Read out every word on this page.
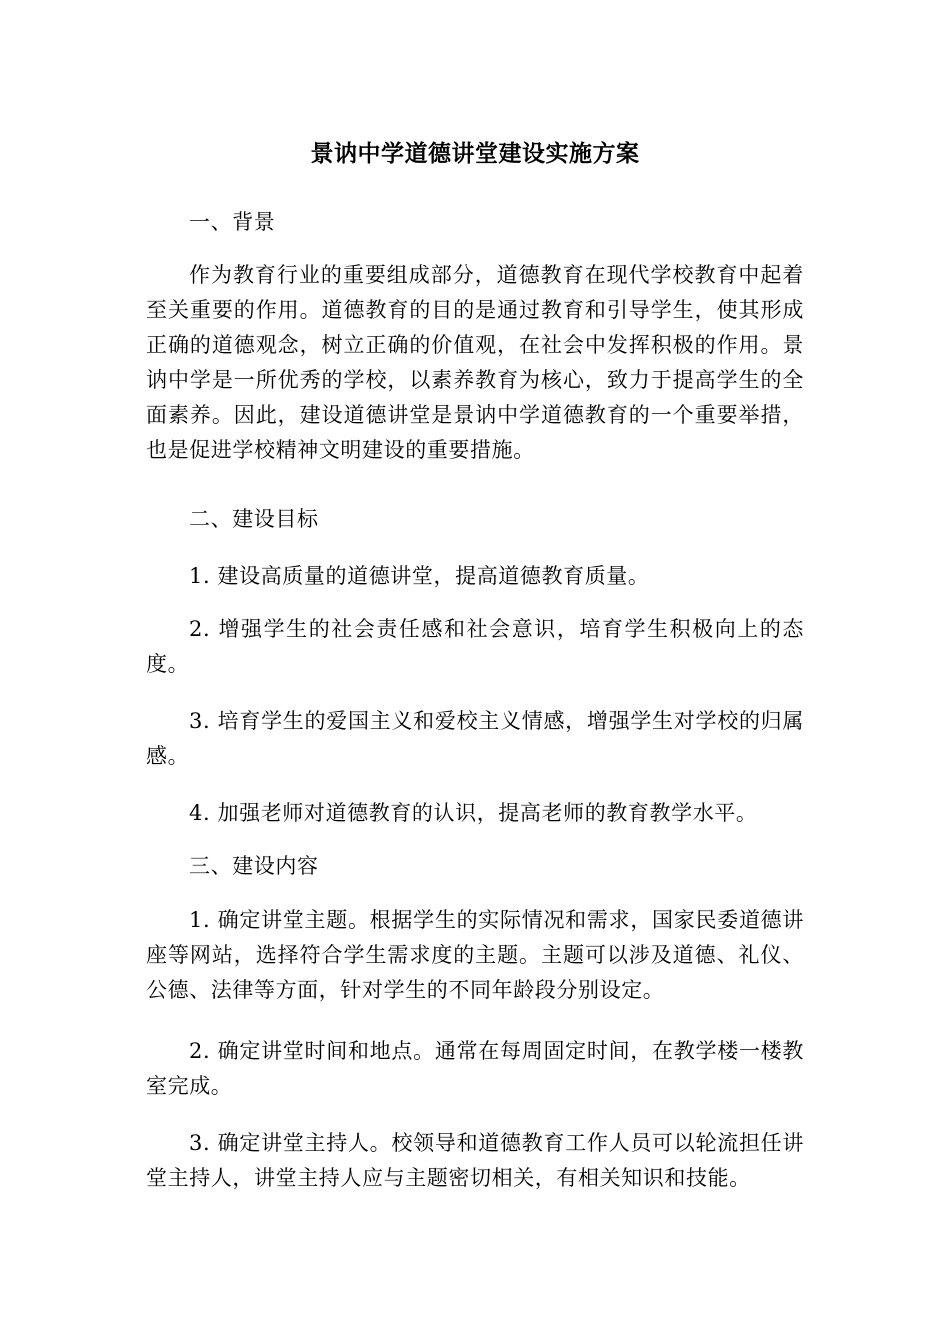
景讷中学道德讲堂建设实施方案

一、背景

作为教育行业的重要组成部分，道德教育在现代学校教育中起着至关重要的作用。道德教育的目的是通过教育和引导学生，使其形成正确的道德观念，树立正确的价值观，在社会中发挥积极的作用。景讷中学是一所优秀的学校，以素养教育为核心，致力于提高学生的全面素养。因此，建设道德讲堂是景讷中学道德教育的一个重要举措，也是促进学校精神文明建设的重要措施。

二、建设目标

1. 建设高质量的道德讲堂，提高道德教育质量。

2. 增强学生的社会责任感和社会意识，培育学生积极向上的态度。

3. 培育学生的爱国主义和爱校主义情感，增强学生对学校的归属感。

4. 加强老师对道德教育的认识，提高老师的教育教学水平。

三、建设内容

1. 确定讲堂主题。根据学生的实际情况和需求，国家民委道德讲座等网站，选择符合学生需求度的主题。主题可以涉及道德、礼仪、公德、法律等方面，针对学生的不同年龄段分别设定。

2. 确定讲堂时间和地点。通常在每周固定时间，在教学楼一楼教室完成。

3. 确定讲堂主持人。校领导和道德教育工作人员可以轮流担任讲堂主持人，讲堂主持人应与主题密切相关，有相关知识和技能。
